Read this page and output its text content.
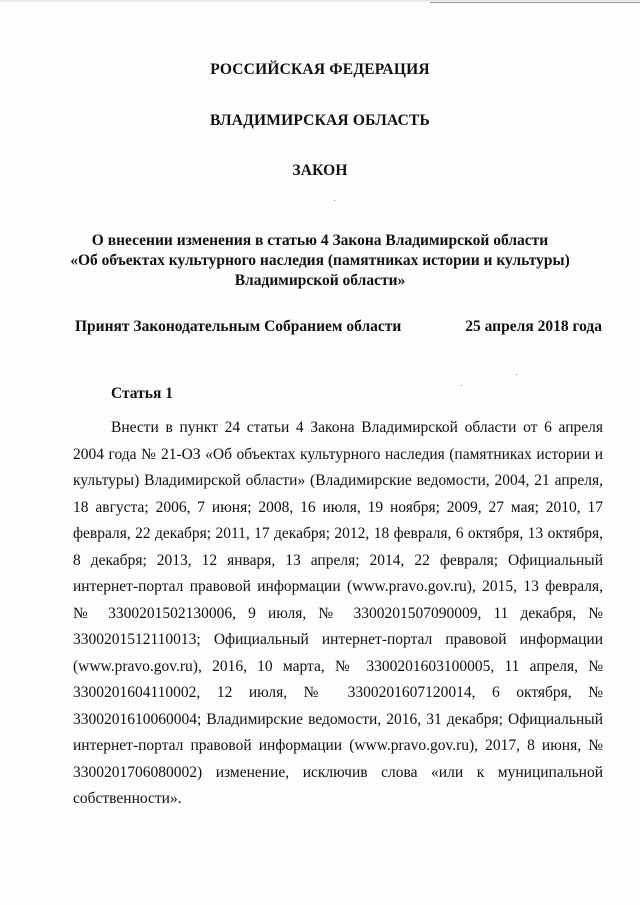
РОССИЙСКАЯ ФЕДЕРАЦИЯ
ВЛАДИМИРСКАЯ ОБЛАСТЬ
ЗАКОН
О внесении изменения в статью 4 Закона Владимирской области
«Об объектах культурного наследия (памятниках истории и культуры)
Владимирской области»
Принят Законодательным Собранием области	25 апреля 2018 года
Статья 1

Внести в пункт 24 статьи 4 Закона Владимирской области от 6 апреля 2004 года № 21-ОЗ «Об объектах культурного наследия (памятниках истории и культуры) Владимирской области» (Владимирские ведомости, 2004, 21 апреля, 18 августа; 2006, 7 июня; 2008, 16 июля, 19 ноября; 2009, 27 мая; 2010, 17 февраля, 22 декабря; 2011, 17 декабря; 2012, 18 февраля, 6 октября, 13 октября, 8 декабря; 2013, 12 января, 13 апреля; 2014, 22 февраля; Официальный интернет-портал правовой информации (www.pravo.gov.ru), 2015, 13 февраля, № 3300201502130006, 9 июля, № 3300201507090009, 11 декабря, № 3300201512110013; Официальный интернет-портал правовой информации (www.pravo.gov.ru), 2016, 10 марта, № 3300201603100005, 11 апреля, № 3300201604110002, 12 июля, № 3300201607120014, 6 октября, № 3300201610060004; Владимирские ведомости, 2016, 31 декабря; Официальный интернет-портал правовой информации (www.pravo.gov.ru), 2017, 8 июня, № 3300201706080002) изменение, исключив слова «или к муниципальной собственности».
